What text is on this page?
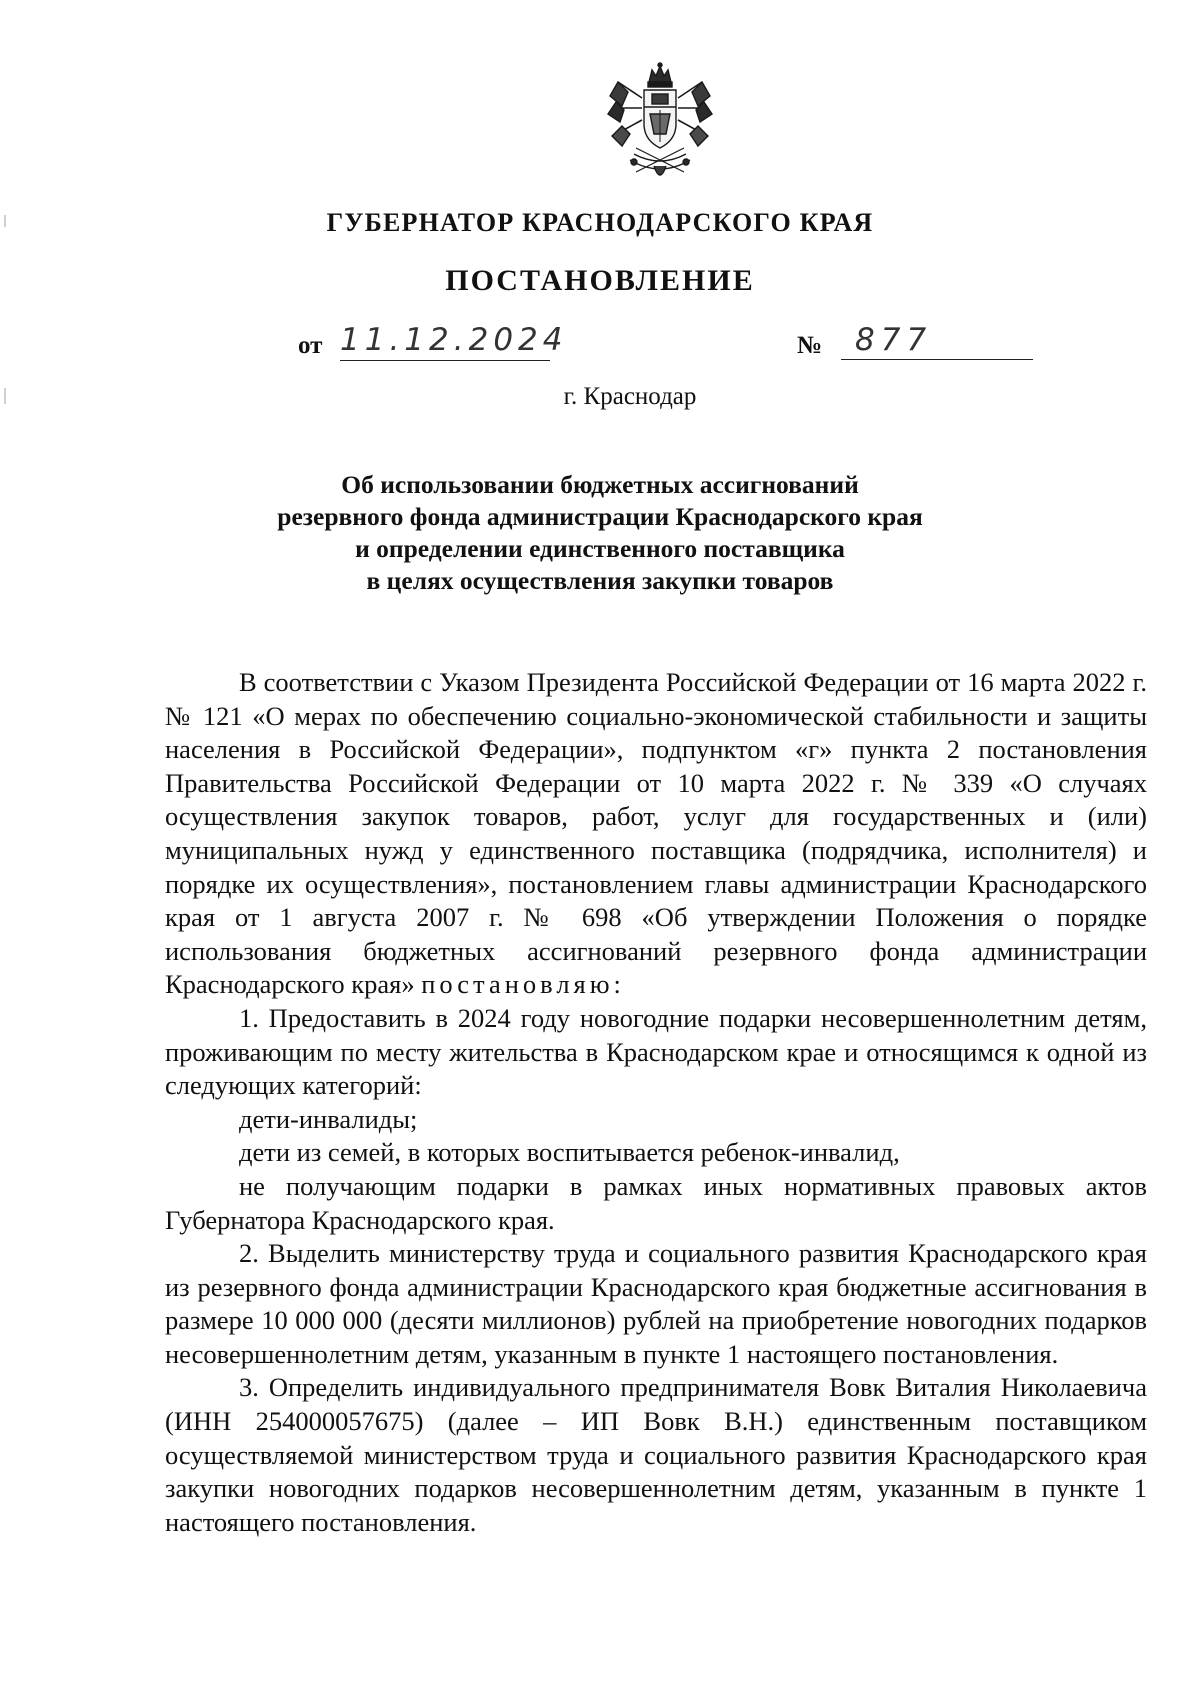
ГУБЕРНАТОР КРАСНОДАРСКОГО КРАЯ
ПОСТАНОВЛЕНИЕ
от 11.12.2024	№	877
г. Краснодар
Об использовании бюджетных ассигнований
резервного фонда администрации Краснодарского края
и определении единственного поставщика
в целях осуществления закупки товаров

В соответствии с Указом Президента Российской Федерации от 16 марта 2022 г. № 121 «О мерах по обеспечению социально-экономической стабильности и защиты населения в Российской Федерации», подпунктом «г» пункта 2 постановления Правительства Российской Федерации от 10 марта 2022 г. № 339 «О случаях осуществления закупок товаров, работ, услуг для государственных и (или) муниципальных нужд у единственного поставщика (подрядчика, исполнителя) и порядке их осуществления», постановлением главы администрации Краснодарского края от 1 августа 2007 г. № 698 «Об утверждении Положения о порядке использования бюджетных ассигнований резервного фонда администрации Краснодарского края» постановляю:

1. Предоставить в 2024 году новогодние подарки несовершеннолетним детям, проживающим по месту жительства в Краснодарском крае и относящимся к одной из следующих категорий:

дети-инвалиды;

дети из семей, в которых воспитывается ребенок-инвалид,

не получающим подарки в рамках иных нормативных правовых актов Губернатора Краснодарского края.

2. Выделить министерству труда и социального развития Краснодарского края из резервного фонда администрации Краснодарского края бюджетные ассигнования в размере 10 000 000 (десяти миллионов) рублей на приобретение новогодних подарков несовершеннолетним детям, указанным в пункте 1 настоящего постановления.

3. Определить индивидуального предпринимателя Вовк Виталия Николаевича (ИНН 254000057675) (далее – ИП Вовк В.Н.) единственным поставщиком осуществляемой министерством труда и социального развития Краснодарского края закупки новогодних подарков несовершеннолетним детям, указанным в пункте 1 настоящего постановления.
